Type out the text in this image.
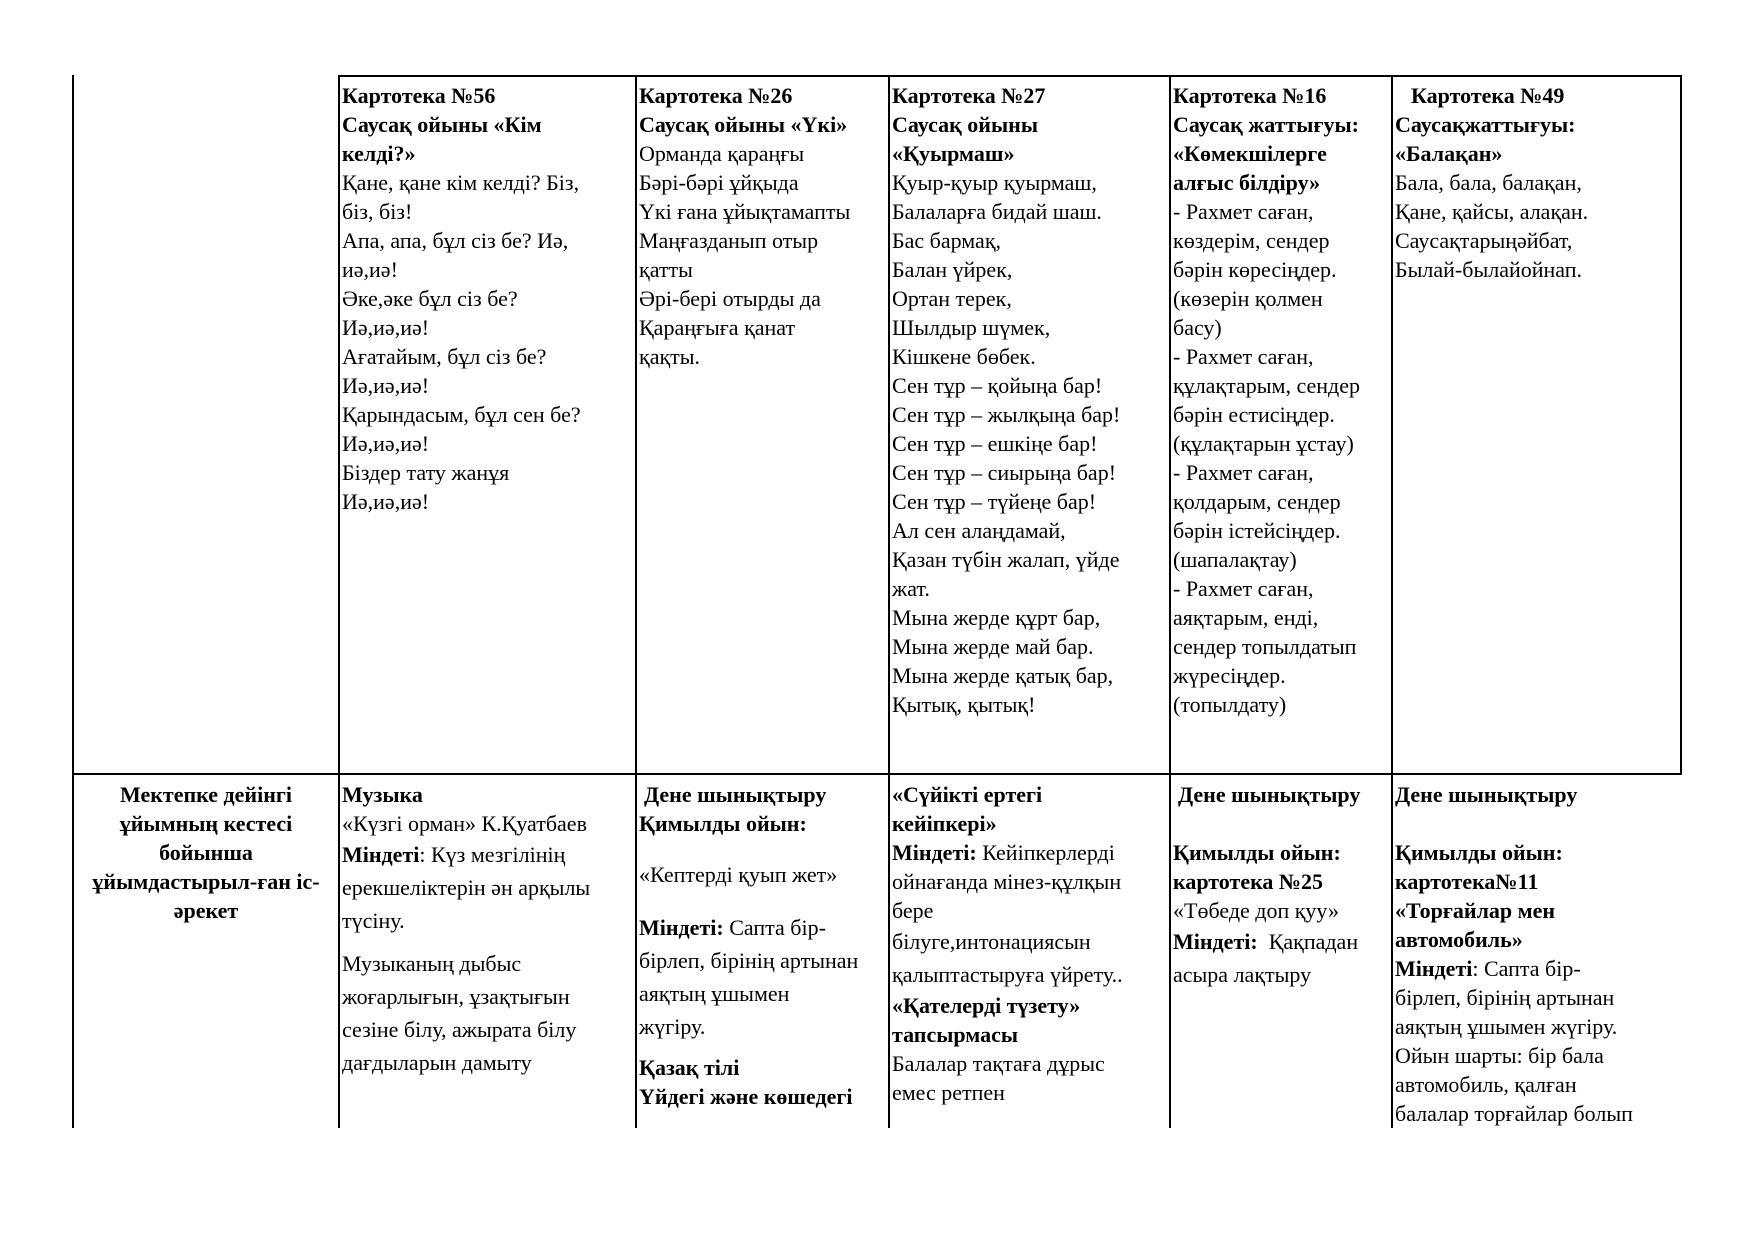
Картотека №56
Саусақ ойыны «Кім
келді?»
Қане, қане кім келді? Біз,
біз, біз!
Апа, апа, бұл сіз бе? Иә,
иә,иә!
Әке,әке бұл сіз бе?
Иә,иә,иә!
Ағатайым, бұл сіз бе?
Иә,иә,иә!
Қарындасым, бұл сен бе?
Иә,иә,иә!
Біздер тату жанұя
Иә,иә,иә!
Картотека №26
Саусақ ойыны «Үкі»
Орманда қараңғы
Бәрі-бәрі ұйқыда
Үкі ғана ұйықтамапты
Маңғазданып отыр
қатты
Әрі-бері отырды да
Қараңғыға қанат
қақты.
Картотека №27
Саусақ ойыны
«Қуырмаш»
Қуыр-қуыр қуырмаш,
Балаларға бидай шаш.
Бас бармақ,
Балан үйрек,
Ортан терек,
Шылдыр шүмек,
Кішкене бөбек.
Сен тұр – қойыңа бар!
Сен тұр – жылқыңа бар!
Сен тұр – ешкіңе бар!
Сен тұр – сиырыңа бар!
Сен тұр – түйеңе бар!
Ал сен алаңдамай,
Қазан түбін жалап, үйде
жат.
Мына жерде құрт бар,
Мына жерде май бар.
Мына жерде қатық бар,
Қытық, қытық!
Картотека №16
Саусақ жаттығуы:
«Көмекшілерге
алғыс білдіру»
- Рахмет саған,
көздерім, сендер
бәрін көресіңдер.
(көзерін қолмен
басу)
- Рахмет саған,
құлақтарым, сендер
бәрін естисіңдер.
(құлақтарын ұстау)
- Рахмет саған,
қолдарым, сендер
бәрін істейсіңдер.
(шапалақтау)
- Рахмет саған,
аяқтарым, енді,
сендер топылдатып
жүресіңдер.
(топылдату)
Картотека №49
Саусақжаттығуы:
«Балақан»
Бала, бала, балақан,
Қане, қайсы, алақан.
Саусақтарыңәйбат,
Былай-былайойнап.
Мектепке дейінгі
ұйымның кестесі
бойынша
ұйымдастырыл-ған іс-
әрекет
Музыка
«Күзгі орман» К.Қуатбаев
Міндеті: Күз мезгілінің
ерекшеліктерін ән арқылы
түсіну.
Музыканың дыбыс
жоғарлығын, ұзақтығын
сезіне білу, ажырата білу
дағдыларын дамыту
Дене шынықтыру
Қимылды ойын:
«Кептерді қуып жет»
Міндеті: Сапта бір-
бірлеп, бірінің артынан
аяқтың ұшымен
жүгіру.
Қазақ тілі
Үйдегі және көшедегі
«Сүйікті ертегі
кейіпкері»
Міндеті: Кейіпкерлерді
ойнағанда мінез-құлқын
бере
білуге,интонациясын
қалыптастыруға үйрету..
«Қателерді түзету»
тапсырмасы
Балалар тақтаға дұрыс
емес ретпен
Дене шынықтыру
Қимылды ойын:
картотека №25
«Төбеде доп қуу»
Міндеті:  Қақпадан
асыра лақтыру
Дене шынықтыру
Қимылды ойын:
картотека№11
«Торғайлар мен
автомобиль»
Міндеті: Сапта бір-
бірлеп, бірінің артынан
аяқтың ұшымен жүгіру.
Ойын шарты: бір бала
автомобиль, қалған
балалар торғайлар болып
